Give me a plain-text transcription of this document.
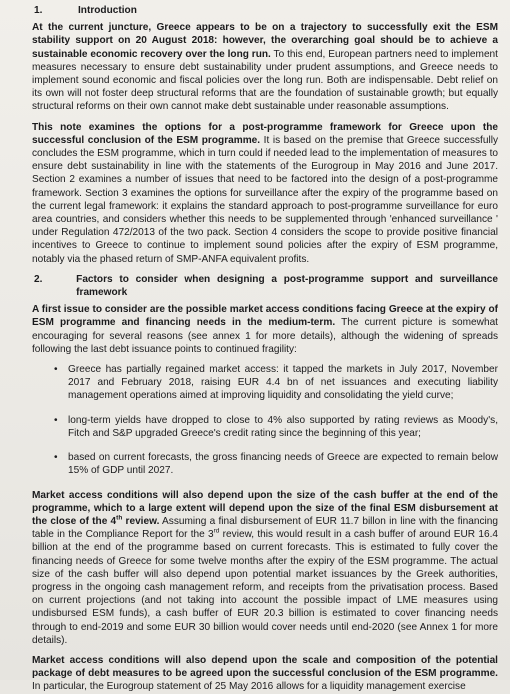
1.	Introduction

At the current juncture, Greece appears to be on a trajectory to successfully exit the ESM stability support on 20 August 2018: however, the overarching goal should be to achieve a sustainable economic recovery over the long run. To this end, European partners need to implement measures necessary to ensure debt sustainability under prudent assumptions, and Greece needs to implement sound economic and fiscal policies over the long run. Both are indispensable. Debt relief on its own will not foster deep structural reforms that are the foundation of sustainable growth; but equally structural reforms on their own cannot make debt sustainable under reasonable assumptions.

This note examines the options for a post-programme framework for Greece upon the successful conclusion of the ESM programme. It is based on the premise that Greece successfully concludes the ESM programme, which in turn could if needed lead to the implementation of measures to ensure debt sustainability in line with the statements of the Eurogroup in May 2016 and June 2017. Section 2 examines a number of issues that need to be factored into the design of a post-programme framework. Section 3 examines the options for surveillance after the expiry of the programme based on the current legal framework: it explains the standard approach to post-programme surveillance for euro area countries, and considers whether this needs to be supplemented through 'enhanced surveillance ' under Regulation 472/2013 of the two pack. Section 4 considers the scope to provide positive financial incentives to Greece to continue to implement sound policies after the expiry of ESM programme, notably via the phased return of SMP-ANFA equivalent profits.

2.	Factors to consider when designing a post-programme support and surveillance framework

A first issue to consider are the possible market access conditions facing Greece at the expiry of ESM programme and financing needs in the medium-term. The current picture is somewhat encouraging for several reasons (see annex 1 for more details), although the widening of spreads following the last debt issuance points to continued fragility:

• Greece has partially regained market access: it tapped the markets in July 2017, November 2017 and February 2018, raising EUR 4.4 bn of net issuances and executing liability management operations aimed at improving liquidity and consolidating the yield curve;
• long-term yields have dropped to close to 4% also supported by rating reviews as Moody's, Fitch and S&P upgraded Greece's credit rating since the beginning of this year;
• based on current forecasts, the gross financing needs of Greece are expected to remain below 15% of GDP until 2027.

Market access conditions will also depend upon the size of the cash buffer at the end of the programme, which to a large extent will depend upon the size of the final ESM disbursement at the close of the 4th review. Assuming a final disbursement of EUR 11.7 billon in line with the financing table in the Compliance Report for the 3rd review, this would result in a cash buffer of around EUR 16.4 billion at the end of the programme based on current forecasts. This is estimated to fully cover the financing needs of Greece for some twelve months after the expiry of the ESM programme. The actual size of the cash buffer will also depend upon potential market issuances by the Greek authorities, progress in the ongoing cash management reform, and receipts from the privatisation process. Based on current projections (and not taking into account the possible impact of LME measures using undisbursed ESM funds), a cash buffer of EUR 20.3 billion is estimated to cover financing needs through to end-2019 and some EUR 30 billion would cover needs until end-2020 (see Annex 1 for more details).

Market access conditions will also depend upon the scale and composition of the potential package of debt measures to be agreed upon the successful conclusion of the ESM programme. In particular, the Eurogroup statement of 25 May 2016 allows for a liquidity management exercise
